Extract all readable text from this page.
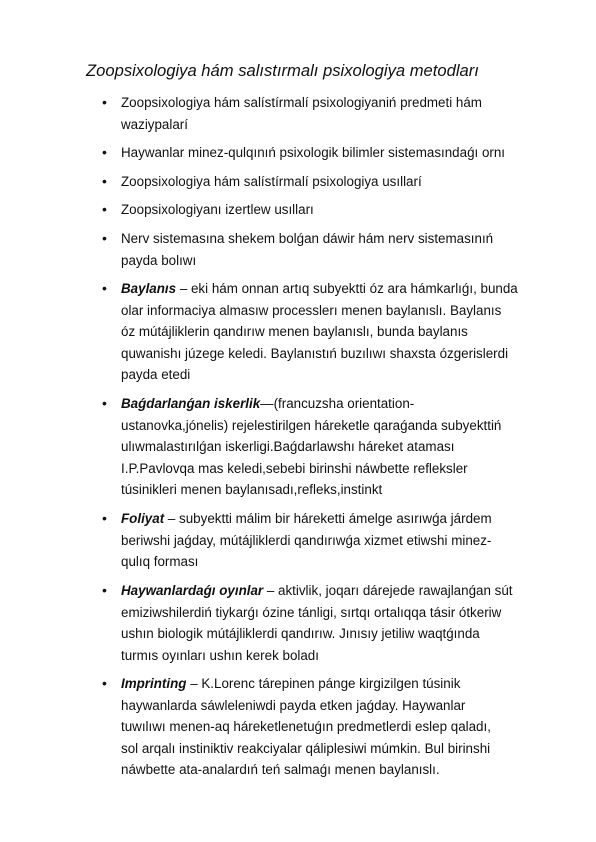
Zoopsixologiya hám salıstırmalı psixologiya metodları
• Zoopsixologiya hám salístírmalí psixologiyaniń predmeti hám
waziypalarí
• Haywanlar minez-qulqınıń psixologik bilimler sistemasındaǵı ornı
• Zoopsixologiya hám salístírmalí psixologiya usıllarí
• Zoopsixologiyanı izertlew usılları
• Nerv sistemasına shekem bolǵan dáwir hám nerv sistemasınıń
payda bolıwı
• Baylanıs – eki hám onnan artıq subyektti óz ara hámkarlıǵı, bunda
olar informaciya almasıw processlerı menen baylanıslı. Baylanıs
óz mútájliklerin qandırıw menen baylanıslı, bunda baylanıs
quwanishı júzege keledi. Baylanıstıń buzılıwı shaxsta ózgerislerdi
payda etedi
• Baǵdarlanǵan iskerlik—(francuzsha orientation-
ustanovka,jónelis) rejelestirilgen háreketle qaraǵanda subyekttiń
ulıwmalastırılǵan iskerligi.Baǵdarlawshı háreket ataması
I.P.Pavlovqa mas keledi,sebebi birinshi náwbette refleksler
túsinikleri menen baylanısadı,refleks,instinkt
• Foliyat – subyektti málim bir háreketti ámelge asırıwǵa járdem
beriwshi jaǵday, mútájliklerdi qandırıwǵa xizmet etiwshi minez-
qulıq forması
• Haywanlardaǵı oyınlar – aktivlik, joqarı dárejede rawajlanǵan sút
emiziwshilerdiń tiykarǵı ózine tánligi, sırtqı ortalıqqa tásir ótkeriw
ushın biologik mútájliklerdi qandırıw. Jınısıy jetiliw waqtǵında
turmıs oyınları ushın kerek boladı
• Imprinting – K.Lorenc tárepinen pánge kirgizilgen túsinik
haywanlarda sáwleleniwdi payda etken jaǵday. Haywanlar
tuwılıwı menen-aq háreketlenetuǵın predmetlerdi eslep qaladı,
sol arqalı instiniktiv reakciyalar qáliplesiwi múmkin. Bul birinshi
náwbette ata-analardıń teń salmaǵı menen baylanıslı.
